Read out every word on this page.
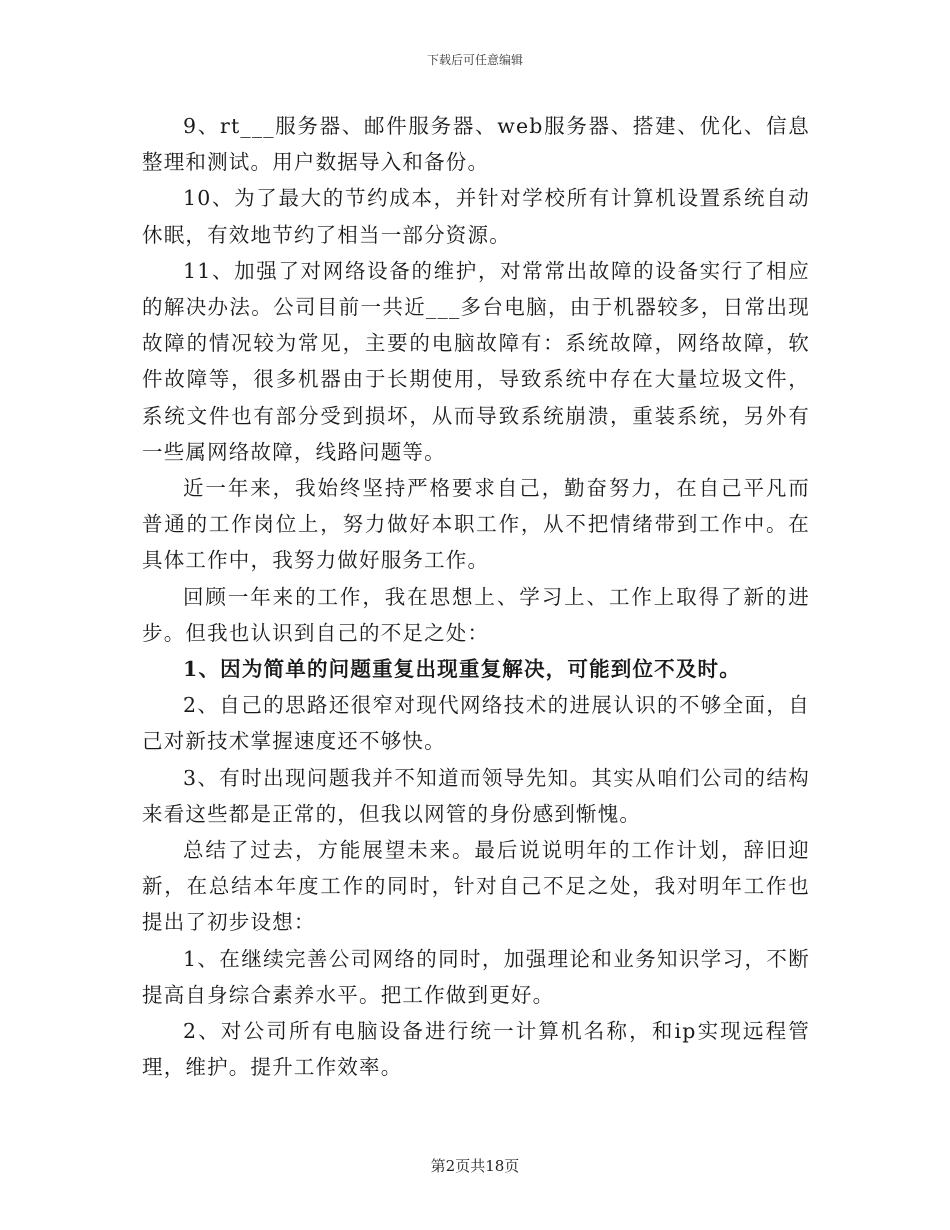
下载后可任意编辑

9、rt___服务器、邮件服务器、web服务器、搭建、优化、信息整理和测试。用户数据导入和备份。

10、为了最大的节约成本，并针对学校所有计算机设置系统自动休眠，有效地节约了相当一部分资源。

11、加强了对网络设备的维护，对常常出故障的设备实行了相应的解决办法。公司目前一共近___多台电脑，由于机器较多，日常出现故障的情况较为常见，主要的电脑故障有：系统故障，网络故障，软件故障等，很多机器由于长期使用，导致系统中存在大量垃圾文件，系统文件也有部分受到损坏，从而导致系统崩溃，重装系统，另外有一些属网络故障，线路问题等。

近一年来，我始终坚持严格要求自己，勤奋努力，在自己平凡而普通的工作岗位上，努力做好本职工作，从不把情绪带到工作中。在具体工作中，我努力做好服务工作。

回顾一年来的工作，我在思想上、学习上、工作上取得了新的进步。但我也认识到自己的不足之处：

1、因为简单的问题重复出现重复解决，可能到位不及时。

2、自己的思路还很窄对现代网络技术的进展认识的不够全面，自己对新技术掌握速度还不够快。

3、有时出现问题我并不知道而领导先知。其实从咱们公司的结构来看这些都是正常的，但我以网管的身份感到惭愧。

总结了过去，方能展望未来。最后说说明年的工作计划，辞旧迎新，在总结本年度工作的同时，针对自己不足之处，我对明年工作也提出了初步设想：

1、在继续完善公司网络的同时，加强理论和业务知识学习，不断提高自身综合素养水平。把工作做到更好。

2、对公司所有电脑设备进行统一计算机名称，和ip实现远程管理，维护。提升工作效率。

第2页共18页
